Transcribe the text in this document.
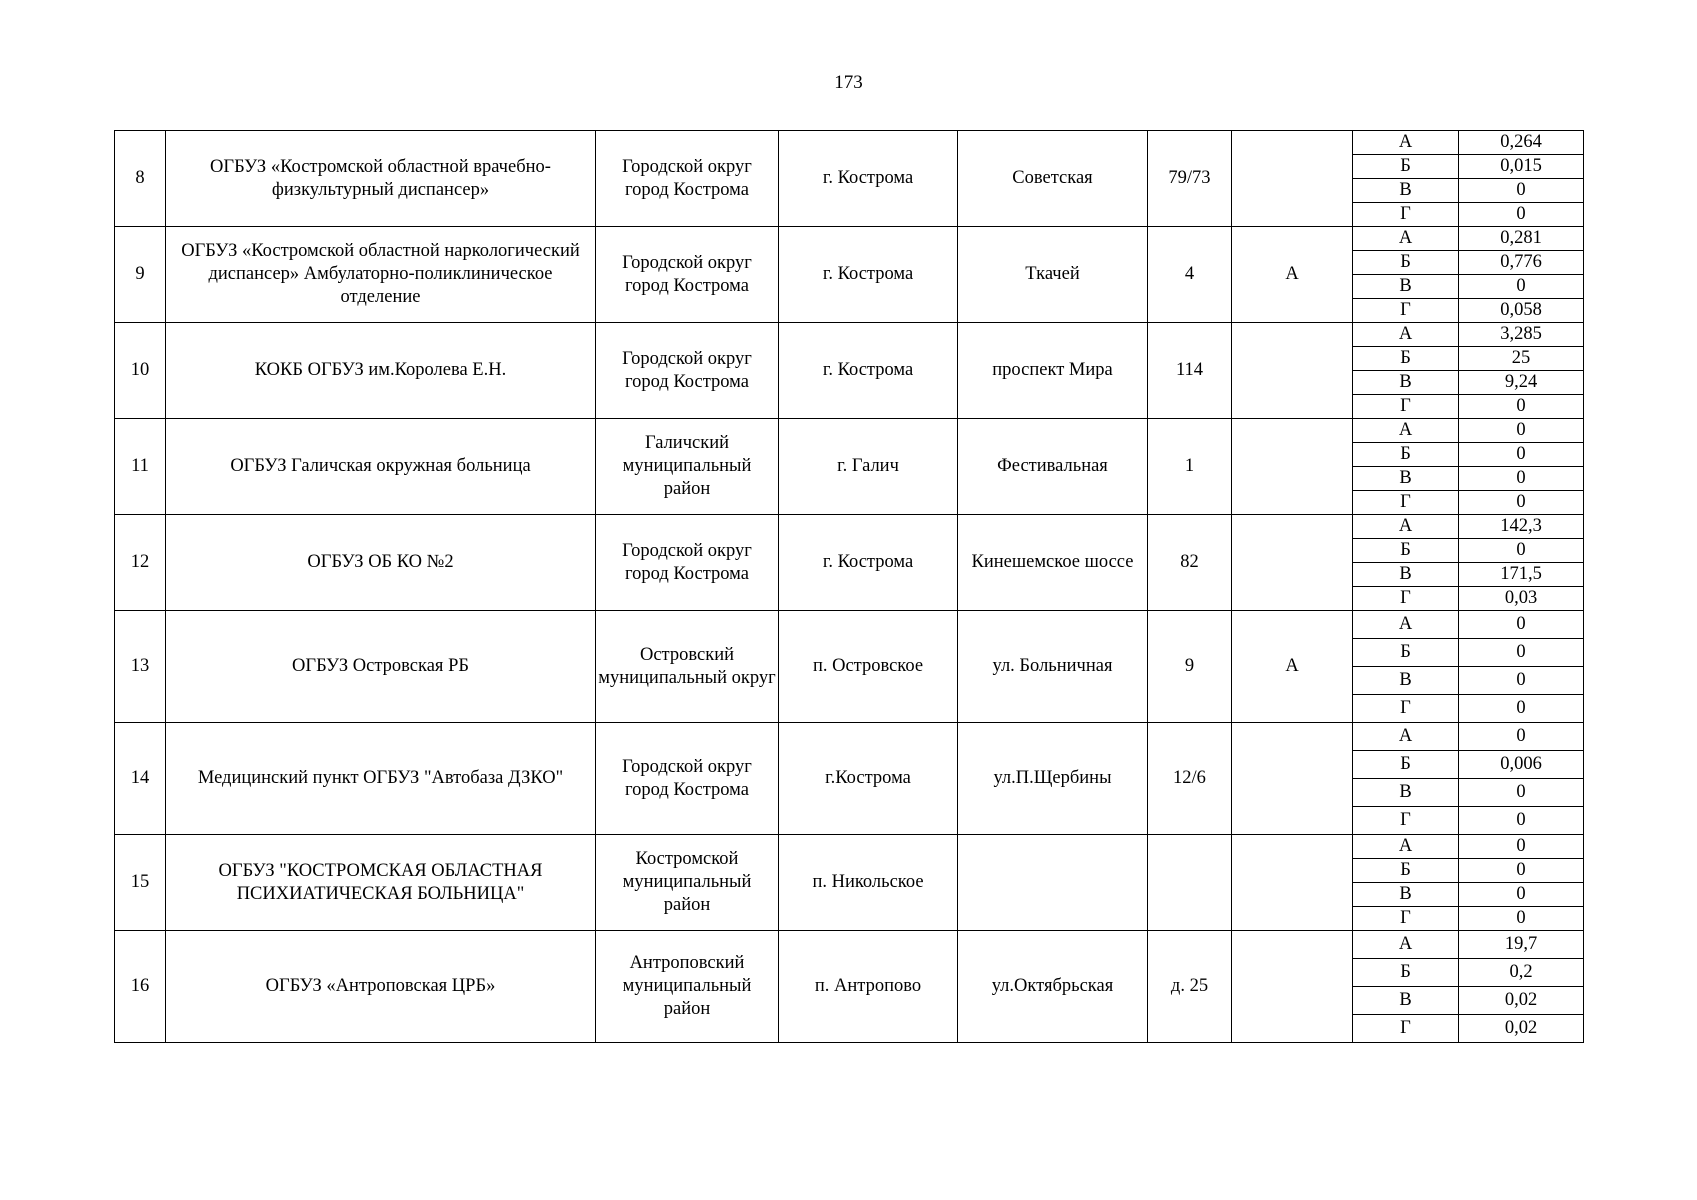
173
8	ОГБУЗ «Костромской областной врачебно-физкультурный диспансер»	Городской округ город Кострома	г. Кострома	Советская	79/73		А	0,264
							Б	0,015
							В	0
							Г	0
9	ОГБУЗ «Костромской областной наркологический диспансер» Амбулаторно-поликлиническое отделение	Городской округ город Кострома	г. Кострома	Ткачей	4	А	А	0,281
							Б	0,776
							В	0
							Г	0,058
10	КОКБ ОГБУЗ им.Королева Е.Н.	Городской округ город Кострома	г. Кострома	проспект Мира	114		А	3,285
							Б	25
							В	9,24
							Г	0
11	ОГБУЗ Галичская окружная больница	Галичский муниципальный район	г. Галич	Фестивальная	1		А	0
							Б	0
							В	0
							Г	0
12	ОГБУЗ ОБ КО №2	Городской округ город Кострома	г. Кострома	Кинешемское шоссе	82		А	142,3
							Б	0
							В	171,5
							Г	0,03
13	ОГБУЗ Островская РБ	Островский муниципальный округ	п. Островское	ул. Больничная	9	А	А	0
							Б	0
							В	0
							Г	0
14	Медицинский пункт ОГБУЗ "Автобаза ДЗКО"	Городской округ город Кострома	г.Кострома	ул.П.Щербины	12/6		А	0
							Б	0,006
							В	0
							Г	0
15	ОГБУЗ "КОСТРОМСКАЯ ОБЛАСТНАЯ ПСИХИАТИЧЕСКАЯ БОЛЬНИЦА"	Костромской муниципальный район	п. Никольское				А	0
							Б	0
							В	0
							Г	0
16	ОГБУЗ «Антроповская ЦРБ»	Антроповский муниципальный район	п. Антропово	ул.Октябрьская	д. 25		А	19,7
							Б	0,2
							В	0,02
							Г	0,02
